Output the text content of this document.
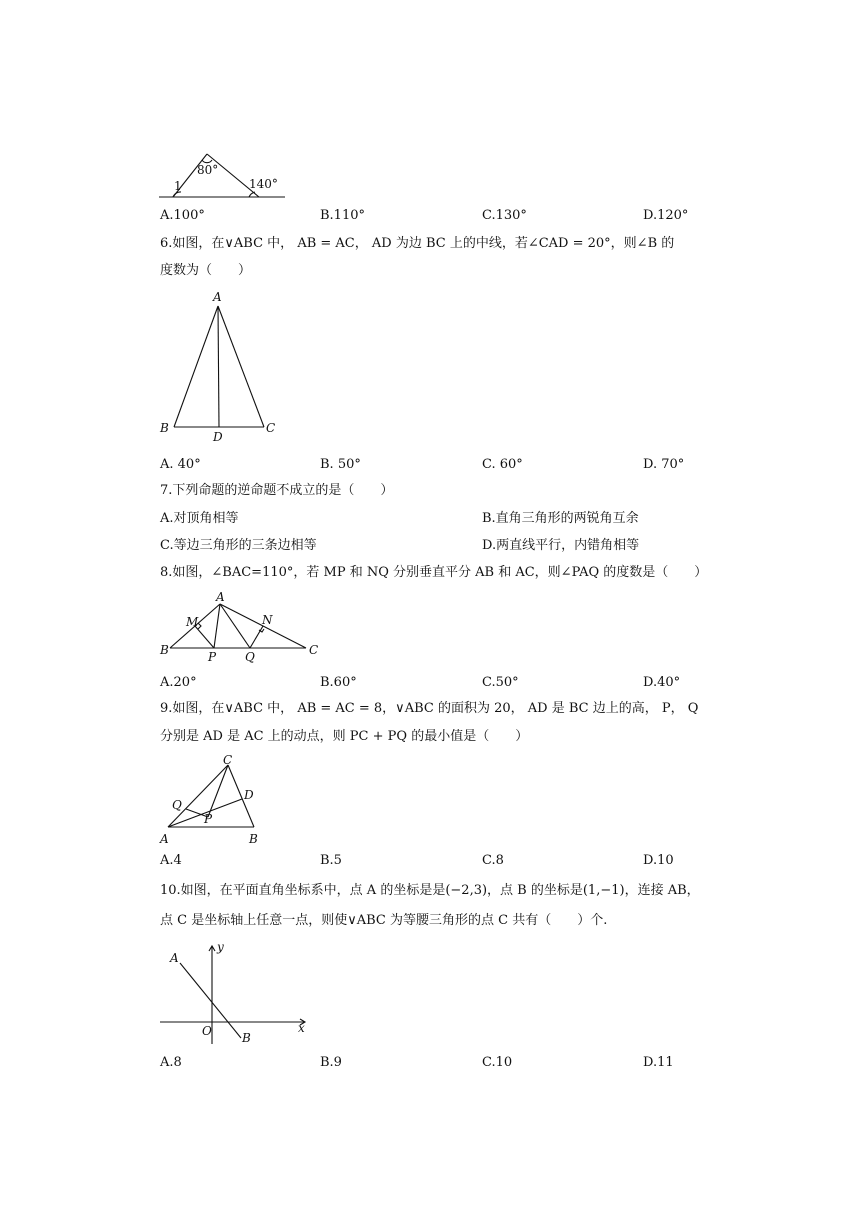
80°
140°
1
A.100°	B.110°	C.130°	D.120°
6.如图，在∨ABC 中， AB = AC， AD 为边 BC 上的中线，若∠CAD = 20°，则∠B 的
度数为（　　）
A
B	C
D
A. 40°	B. 50°	C. 60°	D. 70°
7.下列命题的逆命题不成立的是（　　）
A.对顶角相等	B.直角三角形的两锐角互余
C.等边三角形的三条边相等	D.两直线平行，内错角相等
8.如图，∠BAC=110°，若 MP 和 NQ 分别垂直平分 AB 和 AC，则∠PAQ 的度数是（　　）
A
M	N
B	P Q	C
A.20°	B.60°	C.50°	D.40°
9.如图，在∨ABC 中， AB = AC = 8，∨ABC 的面积为 20， AD 是 BC 边上的高， P， Q
分别是 AD 是 AC 上的动点，则 PC + PQ 的最小值是（　　）
C
D
Q
P
A	B
A.4	B.5	C.8	D.10
10.如图，在平面直角坐标系中，点 A 的坐标是是(−2,3)，点 B 的坐标是(1,−1)，连接 AB，
点 C 是坐标轴上任意一点，则使∨ABC 为等腰三角形的点 C 共有（　　）个.
y
A
O	x
B
A.8	B.9	C.10	D.11
